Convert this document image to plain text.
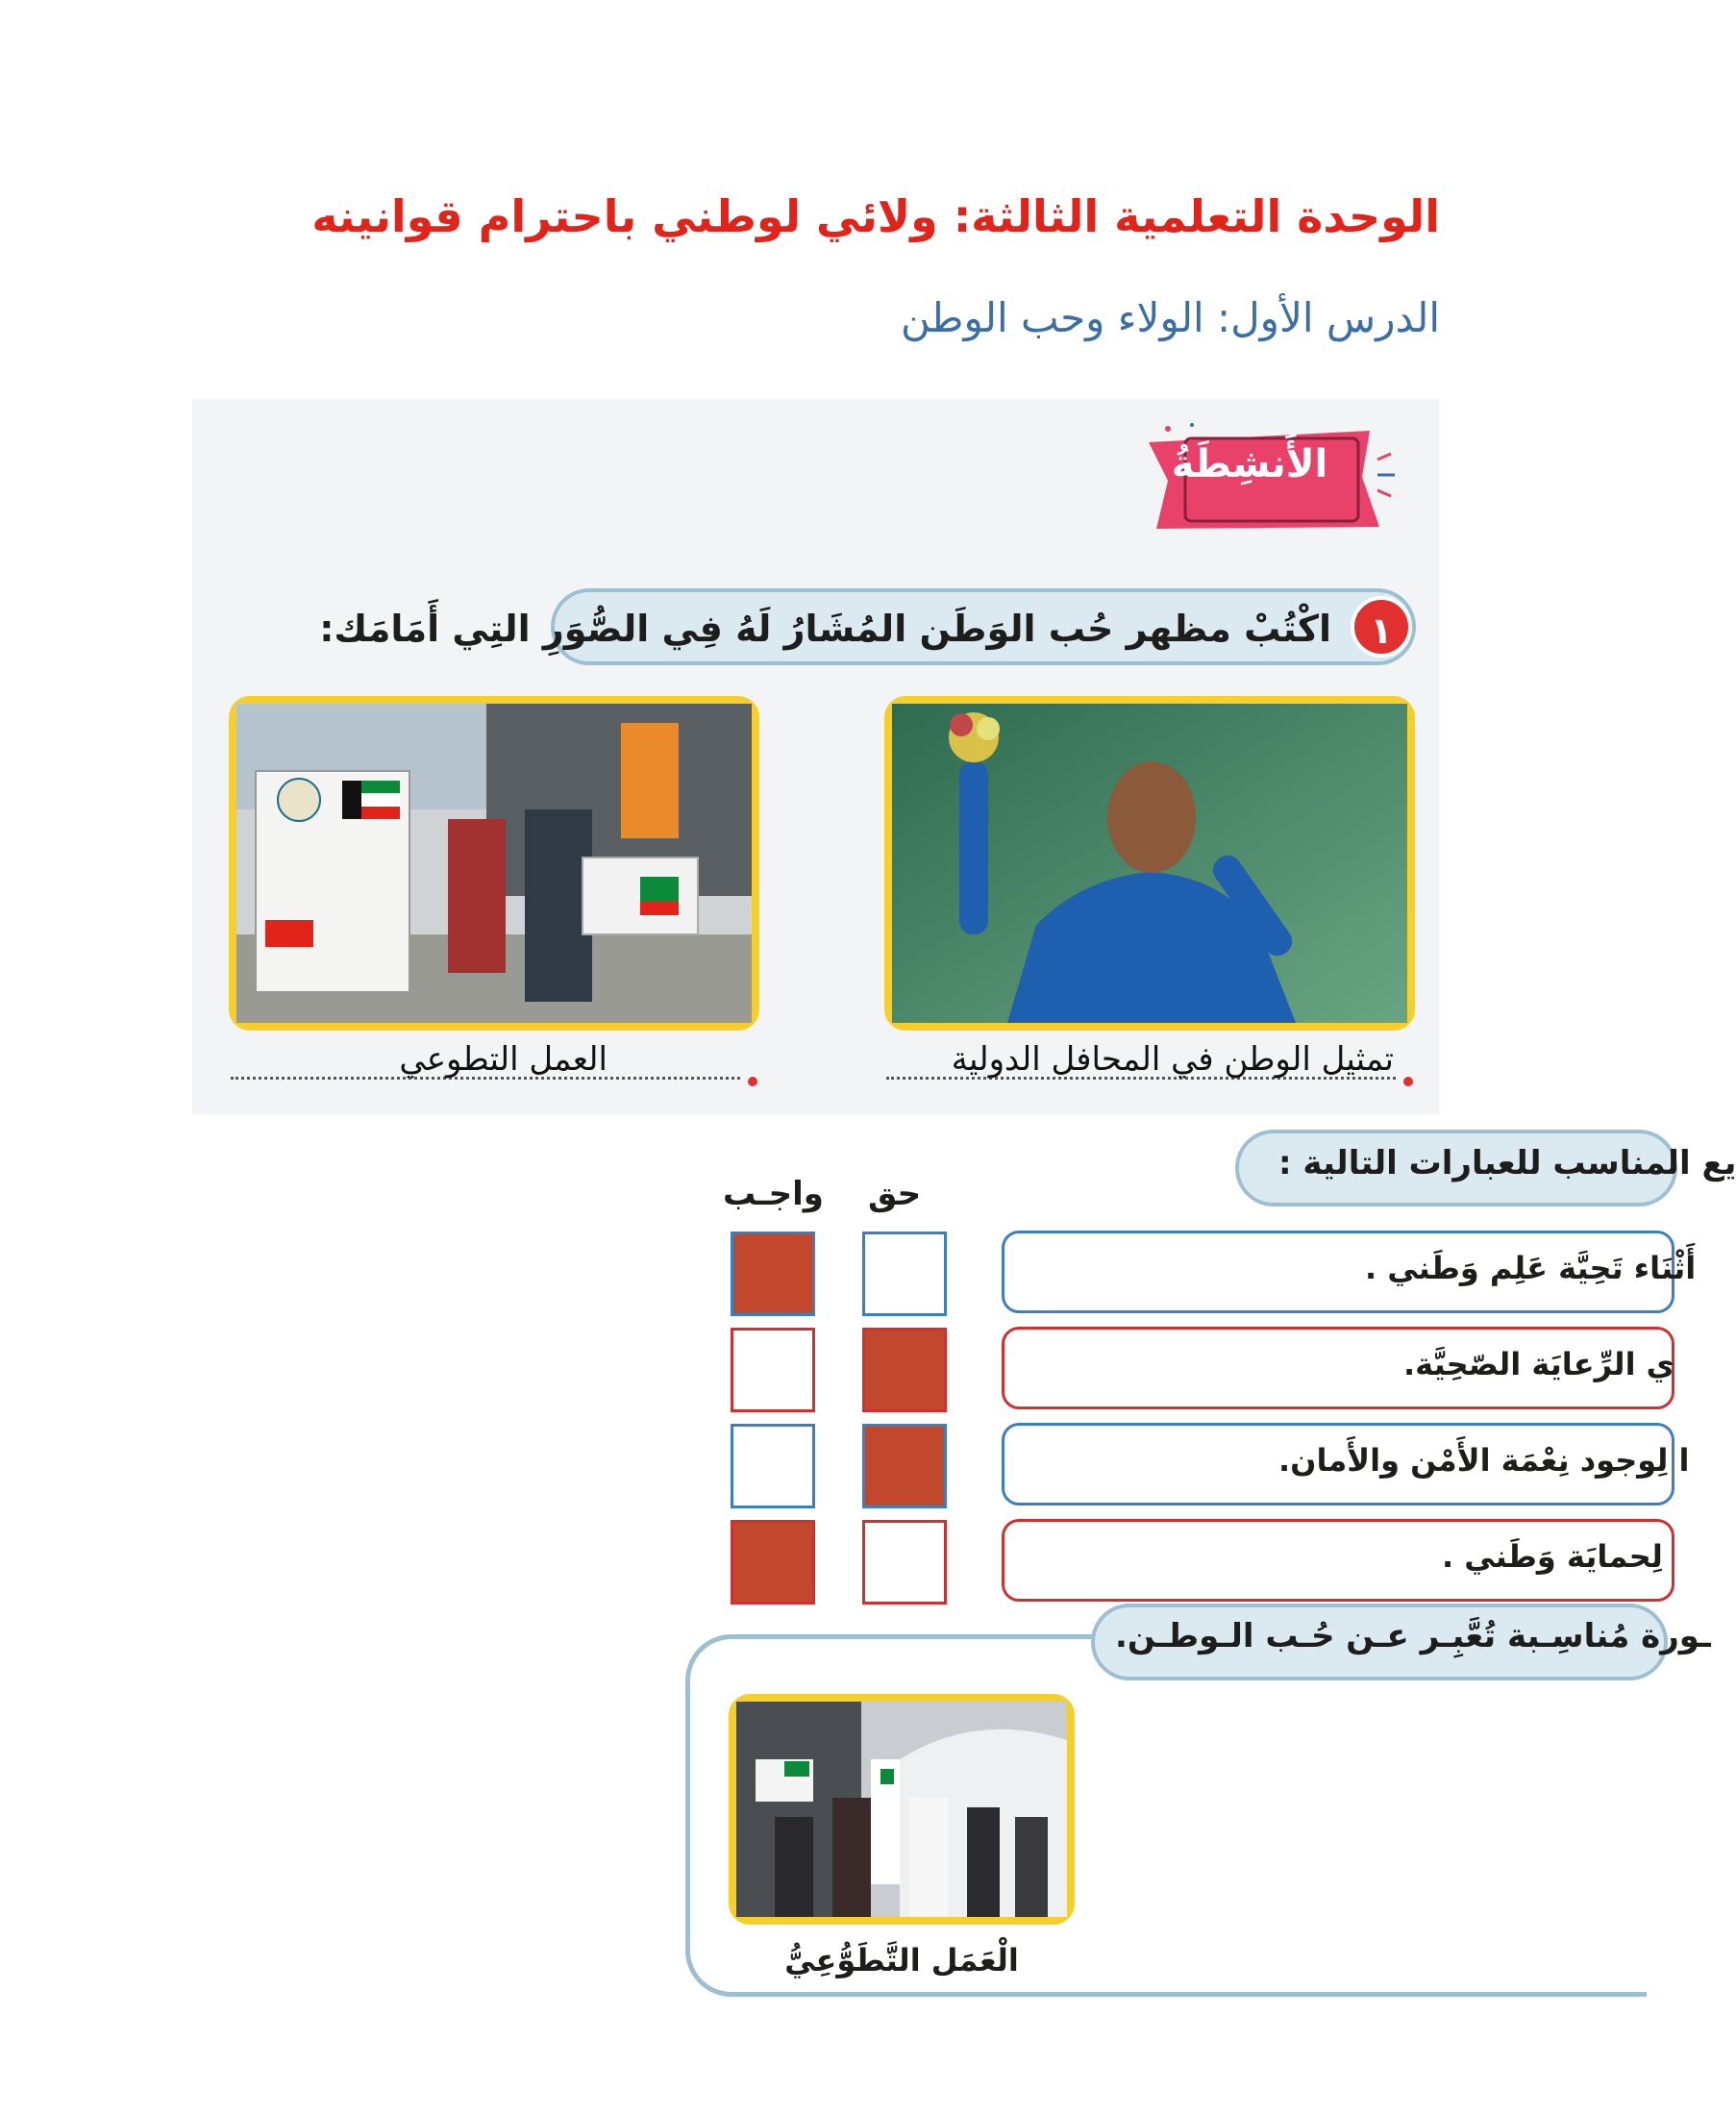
الوحدة التعلمية الثالثة: ولائي لوطني باحترام قوانينه
الدرس الأول: الولاء وحب الوطن
الأَنشِطَةُ
١
اكْتُبْ مظهر حُب الوَطَن المُشَارُ لَهُ فِي الصُّوَرِ التِي أَمَامَك:
تمثيل الوطن في المحافل الدولية
العمل التطوعي
يع المناسب للعبارات التالية :
حق
واجـب
أَثْنَاء تَحِيَّة عَلِم وَطَني .
ي الرِّعايَة الصّحِيَّة.
ا لِوجود نِعْمَة الأَمْن والأَمان.
لِحمايَة وَطَني .
ـورة مُناسِـبة تُعَّبِـر عـن حُـب الـوطـن.
الْعَمَل التَّطَوُّعِيُّ
